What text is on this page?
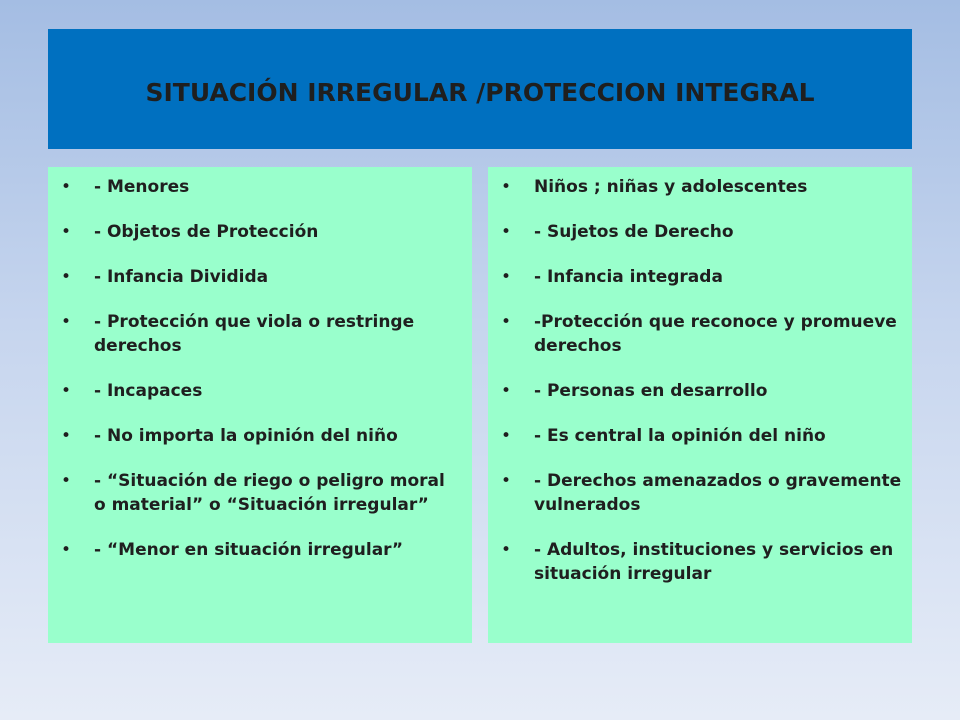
SITUACIÓN IRREGULAR /PROTECCION INTEGRAL
• - Menores
• - Objetos de Protección
• - Infancia Dividida
• - Protección que viola o restringe derechos
• - Incapaces
• - No importa la opinión del niño
• - “Situación de riego o peligro moral o material” o “Situación irregular”
• - “Menor en situación irregular”
• Niños ; niñas y adolescentes
• - Sujetos de Derecho
• - Infancia integrada
• -Protección que reconoce y promueve derechos
• - Personas en desarrollo
• - Es central la opinión del niño
• - Derechos amenazados o gravemente vulnerados
• - Adultos, instituciones y servicios en situación irregular
